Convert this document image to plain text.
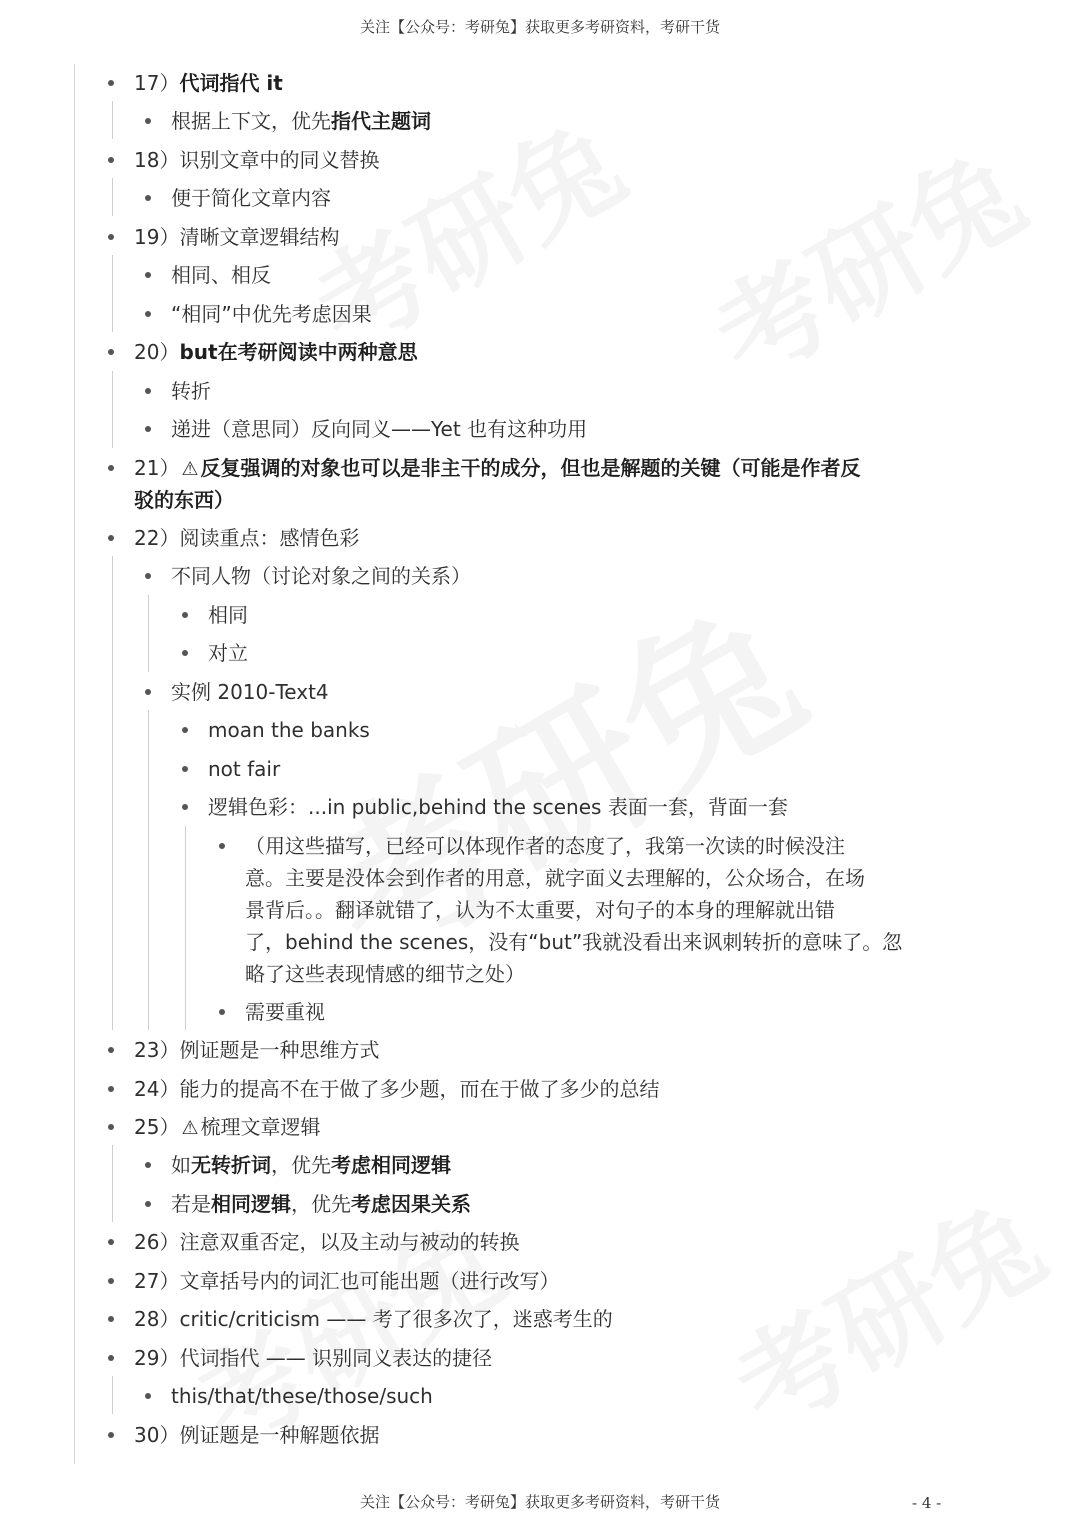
关注【公众号：考研兔】获取更多考研资料，考研干货
17）代词指代 it
根据上下文，优先指代主题词
18）识别文章中的同义替换
便于简化文章内容
19）清晰文章逻辑结构
相同、相反
“相同”中优先考虑因果
20）but在考研阅读中两种意思
转折
递进（意思同）反向同义——Yet 也有这种功用
21） ⚠ 反复强调的对象也可以是非主干的成分，但也是解题的关键（可能是作者反
驳的东西）
22）阅读重点：感情色彩
不同人物（讨论对象之间的关系）
相同
对立
实例 2010-Text4
moan the banks
not fair
逻辑色彩：...in public,behind the scenes 表面一套，背面一套
（用这些描写，已经可以体现作者的态度了，我第一次读的时候没注
意。主要是没体会到作者的用意，就字面义去理解的，公众场合，在场
景背后。。翻译就错了，认为不太重要，对句子的本身的理解就出错
了，behind the scenes，没有“but”我就没看出来讽刺转折的意味了。忽
略了这些表现情感的细节之处）
需要重视
23）例证题是一种思维方式
24）能力的提高不在于做了多少题，而在于做了多少的总结
25） ⚠ 梳理文章逻辑
如无转折词，优先考虑相同逻辑
若是相同逻辑，优先考虑因果关系
26）注意双重否定，以及主动与被动的转换
27）文章括号内的词汇也可能出题（进行改写）
28）critic/criticism —— 考了很多次了，迷惑考生的
29）代词指代 —— 识别同义表达的捷径
this/that/these/those/such
30）例证题是一种解题依据
关注【公众号：考研兔】获取更多考研资料，考研干货	- 4 -
